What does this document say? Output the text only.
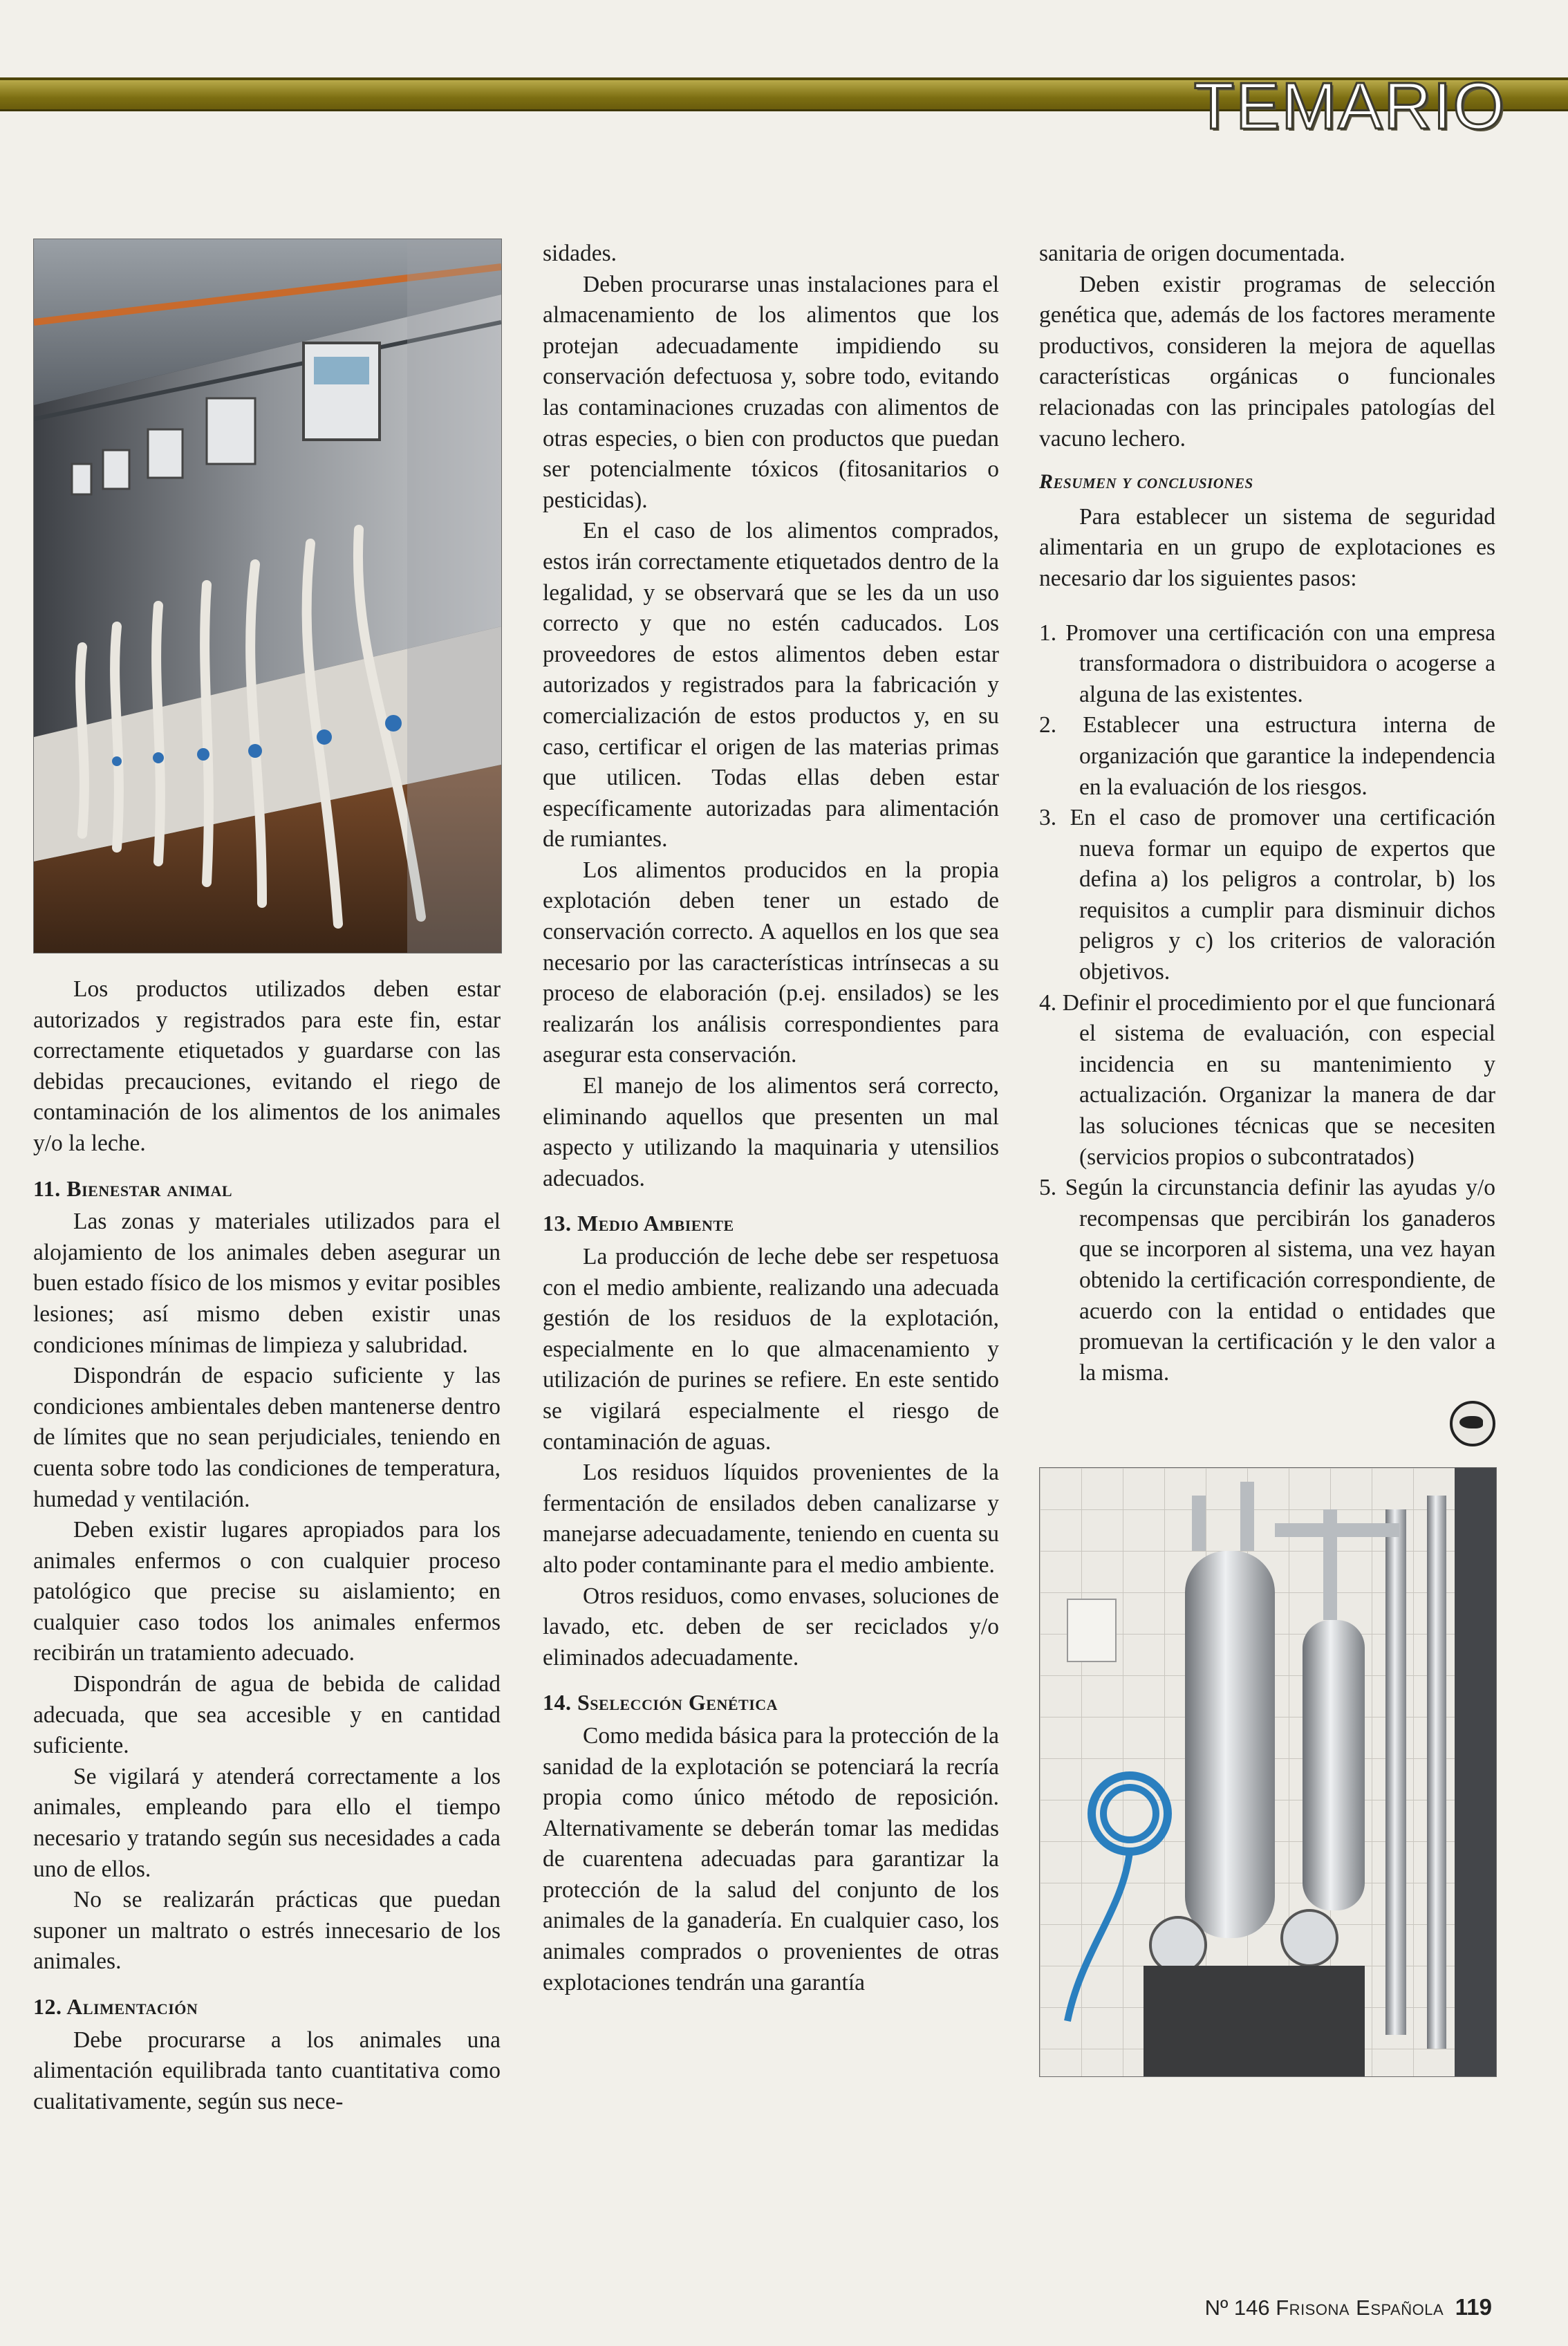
TEMARIO

Los productos utilizados deben estar autorizados y registrados para este fin, estar correctamente etiquetados y guardarse con las debidas precauciones, evitando el riego de contaminación de los alimentos de los animales y/o la leche.

11. Bienestar animal

Las zonas y materiales utilizados para el alojamiento de los animales deben asegurar un buen estado físico de los mismos y evitar posibles lesiones; así mismo deben existir unas condiciones mínimas de limpieza y salubridad.

Dispondrán de espacio suficiente y las condiciones ambientales deben mantenerse dentro de límites que no sean perjudiciales, teniendo en cuenta sobre todo las condiciones de temperatura, humedad y ventilación.

Deben existir lugares apropiados para los animales enfermos o con cualquier proceso patológico que precise su aislamiento; en cualquier caso todos los animales enfermos recibirán un tratamiento adecuado.

Dispondrán de agua de bebida de calidad adecuada, que sea accesible y en cantidad suficiente.

Se vigilará y atenderá correctamente a los animales, empleando para ello el tiempo necesario y tratando según sus necesidades a cada uno de ellos.

No se realizarán prácticas que puedan suponer un maltrato o estrés innecesario de los animales.

12. Alimentación

Debe procurarse a los animales una alimentación equilibrada tanto cuantitativa como cualitativamente, según sus nece-

sidades.

Deben procurarse unas instalaciones para el almacenamiento de los alimentos que los protejan adecuadamente impidiendo su conservación defectuosa y, sobre todo, evitando las contaminaciones cruzadas con alimentos de otras especies, o bien con productos que puedan ser potencialmente tóxicos (fitosanitarios o pesticidas).

En el caso de los alimentos comprados, estos irán correctamente etiquetados dentro de la legalidad, y se observará que se les da un uso correcto y que no estén caducados. Los proveedores de estos alimentos deben estar autorizados y registrados para la fabricación y comercialización de estos productos y, en su caso, certificar el origen de las materias primas que utilicen. Todas ellas deben estar específicamente autorizadas para alimentación de rumiantes.

Los alimentos producidos en la propia explotación deben tener un estado de conservación correcto. A aquellos en los que sea necesario por las características intrínsecas a su proceso de elaboración (p.ej. ensilados) se les realizarán los análisis correspondientes para asegurar esta conservación.

El manejo de los alimentos será correcto, eliminando aquellos que presenten un mal aspecto y utilizando la maquinaria y utensilios adecuados.

13. Medio Ambiente

La producción de leche debe ser respetuosa con el medio ambiente, realizando una adecuada gestión de los residuos de la explotación, especialmente en lo que almacenamiento y utilización de purines se refiere. En este sentido se vigilará especialmente el riesgo de contaminación de aguas.

Los residuos líquidos provenientes de la fermentación de ensilados deben canalizarse y manejarse adecuadamente, teniendo en cuenta su alto poder contaminante para el medio ambiente.

Otros residuos, como envases, soluciones de lavado, etc. deben de ser reciclados y/o eliminados adecuadamente.

14. Sselección Genética

Como medida básica para la protección de la sanidad de la explotación se potenciará la recría propia como único método de reposición. Alternativamente se deberán tomar las medidas de cuarentena adecuadas para garantizar la protección de la salud del conjunto de los animales de la ganadería. En cualquier caso, los animales comprados o provenientes de otras explotaciones tendrán una garantía

sanitaria de origen documentada.

Deben existir programas de selección genética que, además de los factores meramente productivos, consideren la mejora de aquellas características orgánicas o funcionales relacionadas con las principales patologías del vacuno lechero.

Resumen y conclusiones

Para establecer un sistema de seguridad alimentaria en un grupo de explotaciones es necesario dar los siguientes pasos:

1. Promover una certificación con una empresa transformadora o distribuidora o acogerse a alguna de las existentes.

2. Establecer una estructura interna de organización que garantice la independencia en la evaluación de los riesgos.

3. En el caso de promover una certificación nueva formar un equipo de expertos que defina a) los peligros a controlar, b) los requisitos a cumplir para disminuir dichos peligros y c) los criterios de valoración objetivos.

4. Definir el procedimiento por el que funcionará el sistema de evaluación, con especial incidencia en su mantenimiento y actualización. Organizar la manera de dar las soluciones técnicas que se necesiten (servicios propios o subcontratados)

5. Según la circunstancia definir las ayudas y/o recompensas que percibirán los ganaderos que se incorporen al sistema, una vez hayan obtenido la certificación correspondiente, de acuerdo con la entidad o entidades que promuevan la certificación y le den valor a la misma.

Nº 146 Frisona Española 119
